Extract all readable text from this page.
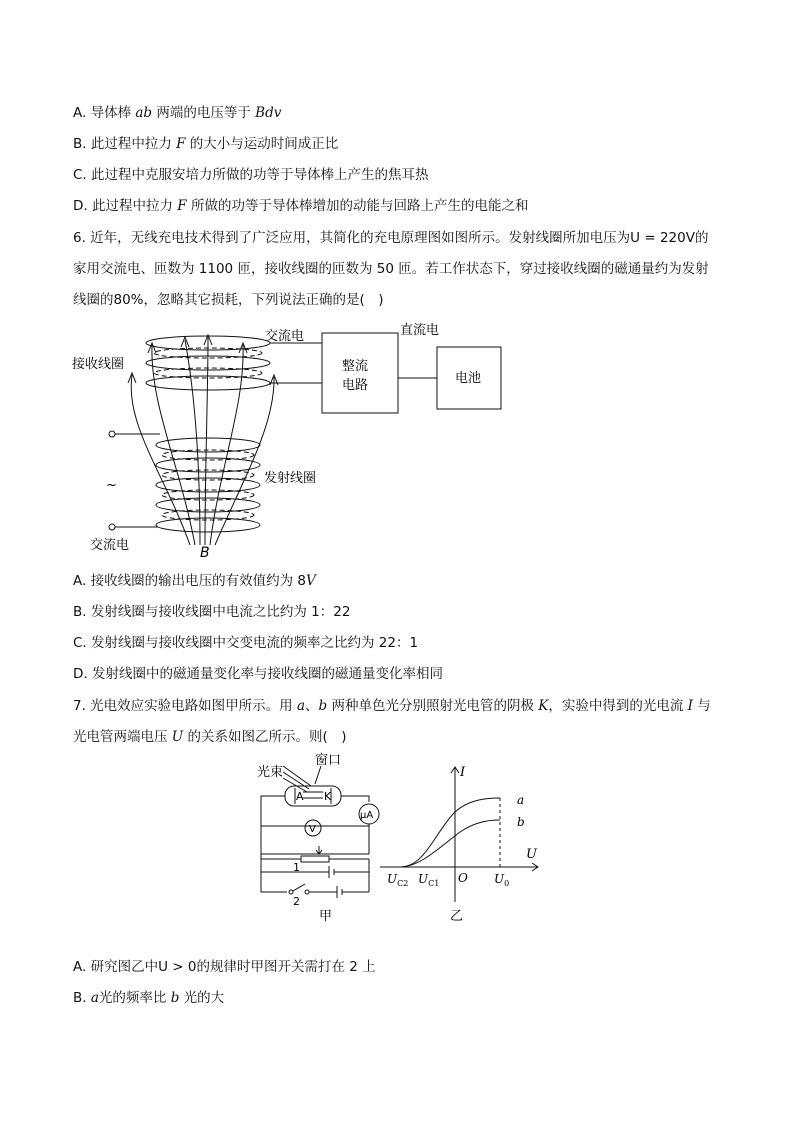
A. 导体棒 ab 两端的电压等于 Bdv
B. 此过程中拉力 F 的大小与运动时间成正比
C. 此过程中克服安培力所做的功等于导体棒上产生的焦耳热
D. 此过程中拉力 F 所做的功等于导体棒增加的动能与回路上产生的电能之和
6. 近年，无线充电技术得到了广泛应用，其简化的充电原理图如图所示。发射线圈所加电压为U = 220V的
家用交流电、匝数为 1100 匝，接收线圈的匝数为 50 匝。若工作状态下，穿过接收线圈的磁通量约为发射
线圈的80%，忽略其它损耗，下列说法正确的是(　)
交流电	直流电
接收线圈	整流
电路	电池
发射线圈
~
交流电	B
A. 接收线圈的输出电压的有效值约为 8V
B. 发射线圈与接收线圈中电流之比约为 1：22
C. 发射线圈与接收线圈中交变电流的频率之比约为 22：1
D. 发射线圈中的磁通量变化率与接收线圈的磁通量变化率相同
7. 光电效应实验电路如图甲所示。用 a、b 两种单色光分别照射光电管的阴极 K，实验中得到的光电流 I 与
光电管两端电压 U 的关系如图乙所示。则(　)
光束
窗口
A K
μA
V
1
2
甲
I
U
a
b
$U_{C2}$ $U_{C1}$ O $U_0$
乙
A. 研究图乙中U > 0的规律时甲图开关需打在 2 上
B. a光的频率比 b 光的大
